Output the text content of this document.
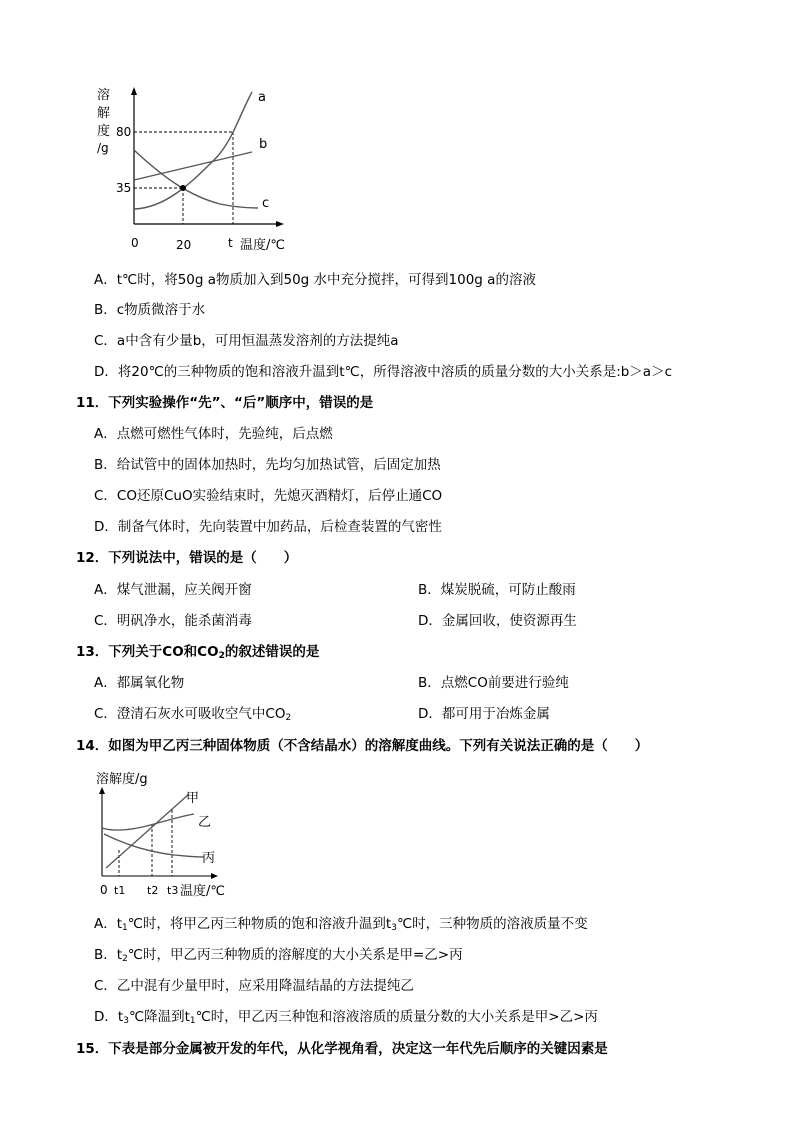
溶
解
度
/g
a
b
c
80
35
0	20	t 温度/℃
A．t℃时，将50g a物质加入到50g 水中充分搅拌，可得到100g a的溶液
B．c物质微溶于水
C．a中含有少量b，可用恒温蒸发溶剂的方法提纯a
D．将20℃的三种物质的饱和溶液升温到t℃，所得溶液中溶质的质量分数的大小关系是:b＞a＞c
11．下列实验操作“先”、“后”顺序中，错误的是
A．点燃可燃性气体时，先验纯，后点燃
B．给试管中的固体加热时，先均匀加热试管，后固定加热
C．CO还原CuO实验结束时，先熄灭酒精灯，后停止通CO
D．制备气体时，先向装置中加药品，后检查装置的气密性
12．下列说法中，错误的是（　　）
A．煤气泄漏，应关阀开窗	B．煤炭脱硫，可防止酸雨
C．明矾净水，能杀菌消毒	D．金属回收，使资源再生
13．下列关于CO和$CO_2$的叙述错误的是
A．都属氧化物	B．点燃CO前要进行验纯
C．澄清石灰水可吸收空气中$CO_2$	D．都可用于冶炼金属
14．如图为甲乙丙三种固体物质（不含结晶水）的溶解度曲线。下列有关说法正确的是（　　）
溶解度/g
甲
乙
丙
0 t1 t2 t3 温度/℃
A．$t_1℃$时，将甲乙丙三种物质的饱和溶液升温到$t_3℃$时，三种物质的溶液质量不变
B．$t_2℃$时，甲乙丙三种物质的溶解度的大小关系是甲=乙>丙
C．乙中混有少量甲时，应采用降温结晶的方法提纯乙
D．$t_3℃$降温到$t_1℃$时，甲乙丙三种饱和溶液溶质的质量分数的大小关系是甲>乙>丙
15．下表是部分金属被开发的年代，从化学视角看，决定这一年代先后顺序的关键因素是
